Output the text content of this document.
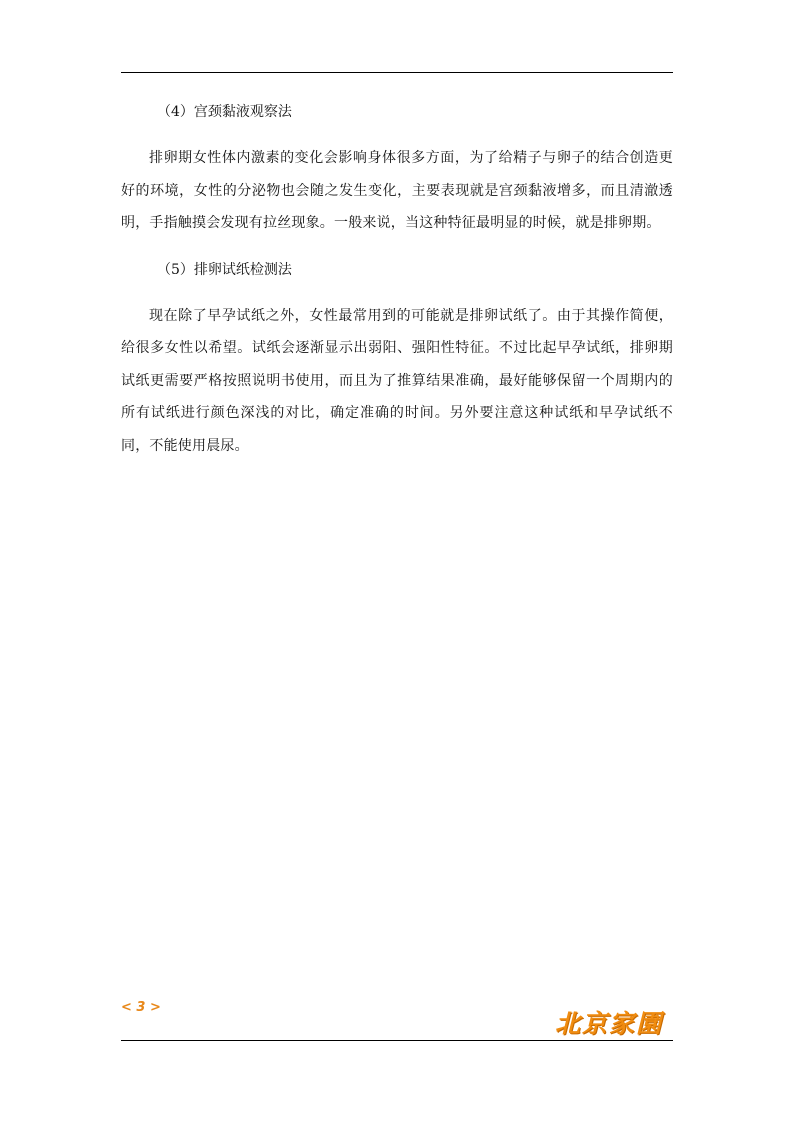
（4）宫颈黏液观察法

排卵期女性体内激素的变化会影响身体很多方面，为了给精子与卵子的结合创造更好的环境，女性的分泌物也会随之发生变化，主要表现就是宫颈黏液增多，而且清澈透明，手指触摸会发现有拉丝现象。一般来说，当这种特征最明显的时候，就是排卵期。

（5）排卵试纸检测法

现在除了早孕试纸之外，女性最常用到的可能就是排卵试纸了。由于其操作简便，给很多女性以希望。试纸会逐渐显示出弱阳、强阳性特征。不过比起早孕试纸，排卵期试纸更需要严格按照说明书使用，而且为了推算结果准确，最好能够保留一个周期内的所有试纸进行颜色深浅的对比，确定准确的时间。另外要注意这种试纸和早孕试纸不同，不能使用晨尿。

< 3 >
北京家園
